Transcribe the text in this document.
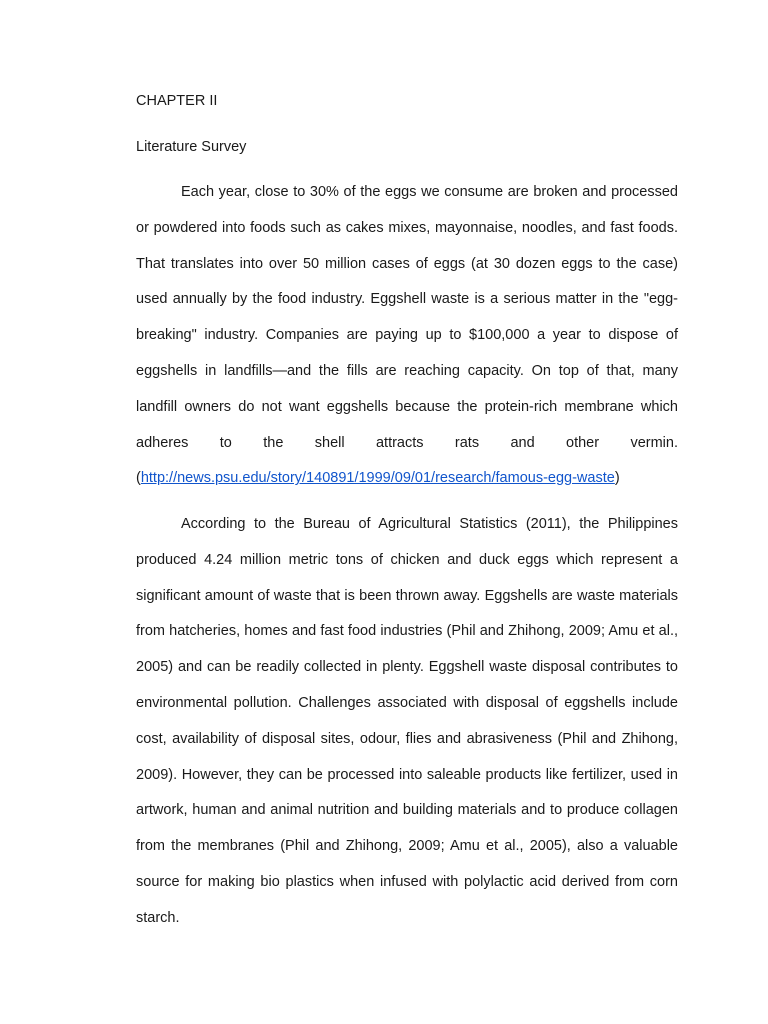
CHAPTER II
Literature Survey

Each year, close to 30% of the eggs we consume are broken and processed or powdered into foods such as cakes mixes, mayonnaise, noodles, and fast foods. That translates into over 50 million cases of eggs (at 30 dozen eggs to the case) used annually by the food industry. Eggshell waste is a serious matter in the "egg-breaking" industry. Companies are paying up to $100,000 a year to dispose of eggshells in landfills—and the fills are reaching capacity. On top of that, many landfill owners do not want eggshells because the protein-rich membrane which adheres to the shell attracts rats and other vermin. (http://news.psu.edu/story/140891/1999/09/01/research/famous-egg-waste)

According to the Bureau of Agricultural Statistics (2011), the Philippines produced 4.24 million metric tons of chicken and duck eggs which represent a significant amount of waste that is been thrown away. Eggshells are waste materials from hatcheries, homes and fast food industries (Phil and Zhihong, 2009; Amu et al., 2005) and can be readily collected in plenty. Eggshell waste disposal contributes to environmental pollution. Challenges associated with disposal of eggshells include cost, availability of disposal sites, odour, flies and abrasiveness (Phil and Zhihong, 2009). However, they can be processed into saleable products like fertilizer, used in artwork, human and animal nutrition and building materials and to produce collagen from the membranes (Phil and Zhihong, 2009; Amu et al., 2005), also a valuable source for making bio plastics when infused with polylactic acid derived from corn starch.
